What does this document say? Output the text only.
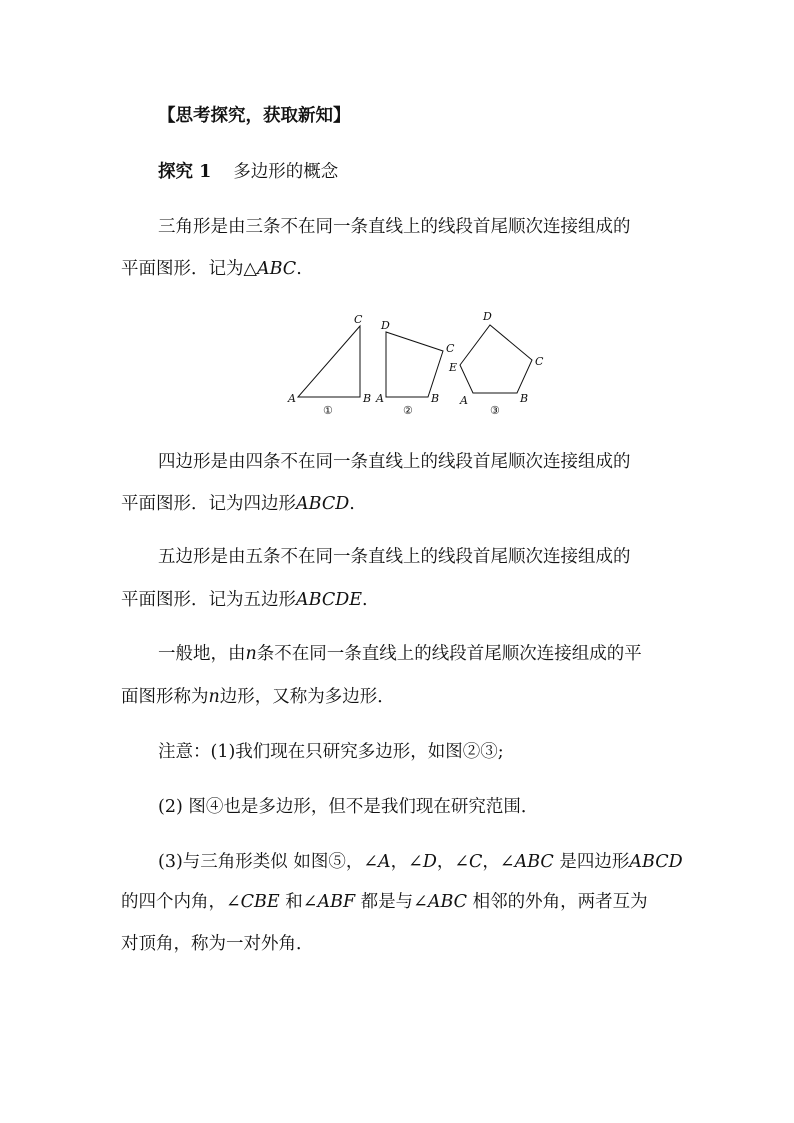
【思考探究，获取新知】
探究 1 多边形的概念
三角形是由三条不在同一条直线上的线段首尾顺次连接组成的
平面图形．记为△ABC.
A	B
C
①
A	B
C
D
②
A	B
C
D
E
③
四边形是由四条不在同一条直线上的线段首尾顺次连接组成的
平面图形．记为四边形ABCD.
五边形是由五条不在同一条直线上的线段首尾顺次连接组成的
平面图形．记为五边形ABCDE.
一般地，由n条不在同一条直线上的线段首尾顺次连接组成的平
面图形称为n边形，又称为多边形．
注意：(1)我们现在只研究多边形，如图②③;
(2) 图④也是多边形，但不是我们现在研究范围．
(3)与三角形类似 如图⑤，∠A，∠D，∠C，∠ABC 是四边形ABCD
的四个内角，∠CBE 和∠ABF 都是与∠ABC 相邻的外角，两者互为
对顶角，称为一对外角．
